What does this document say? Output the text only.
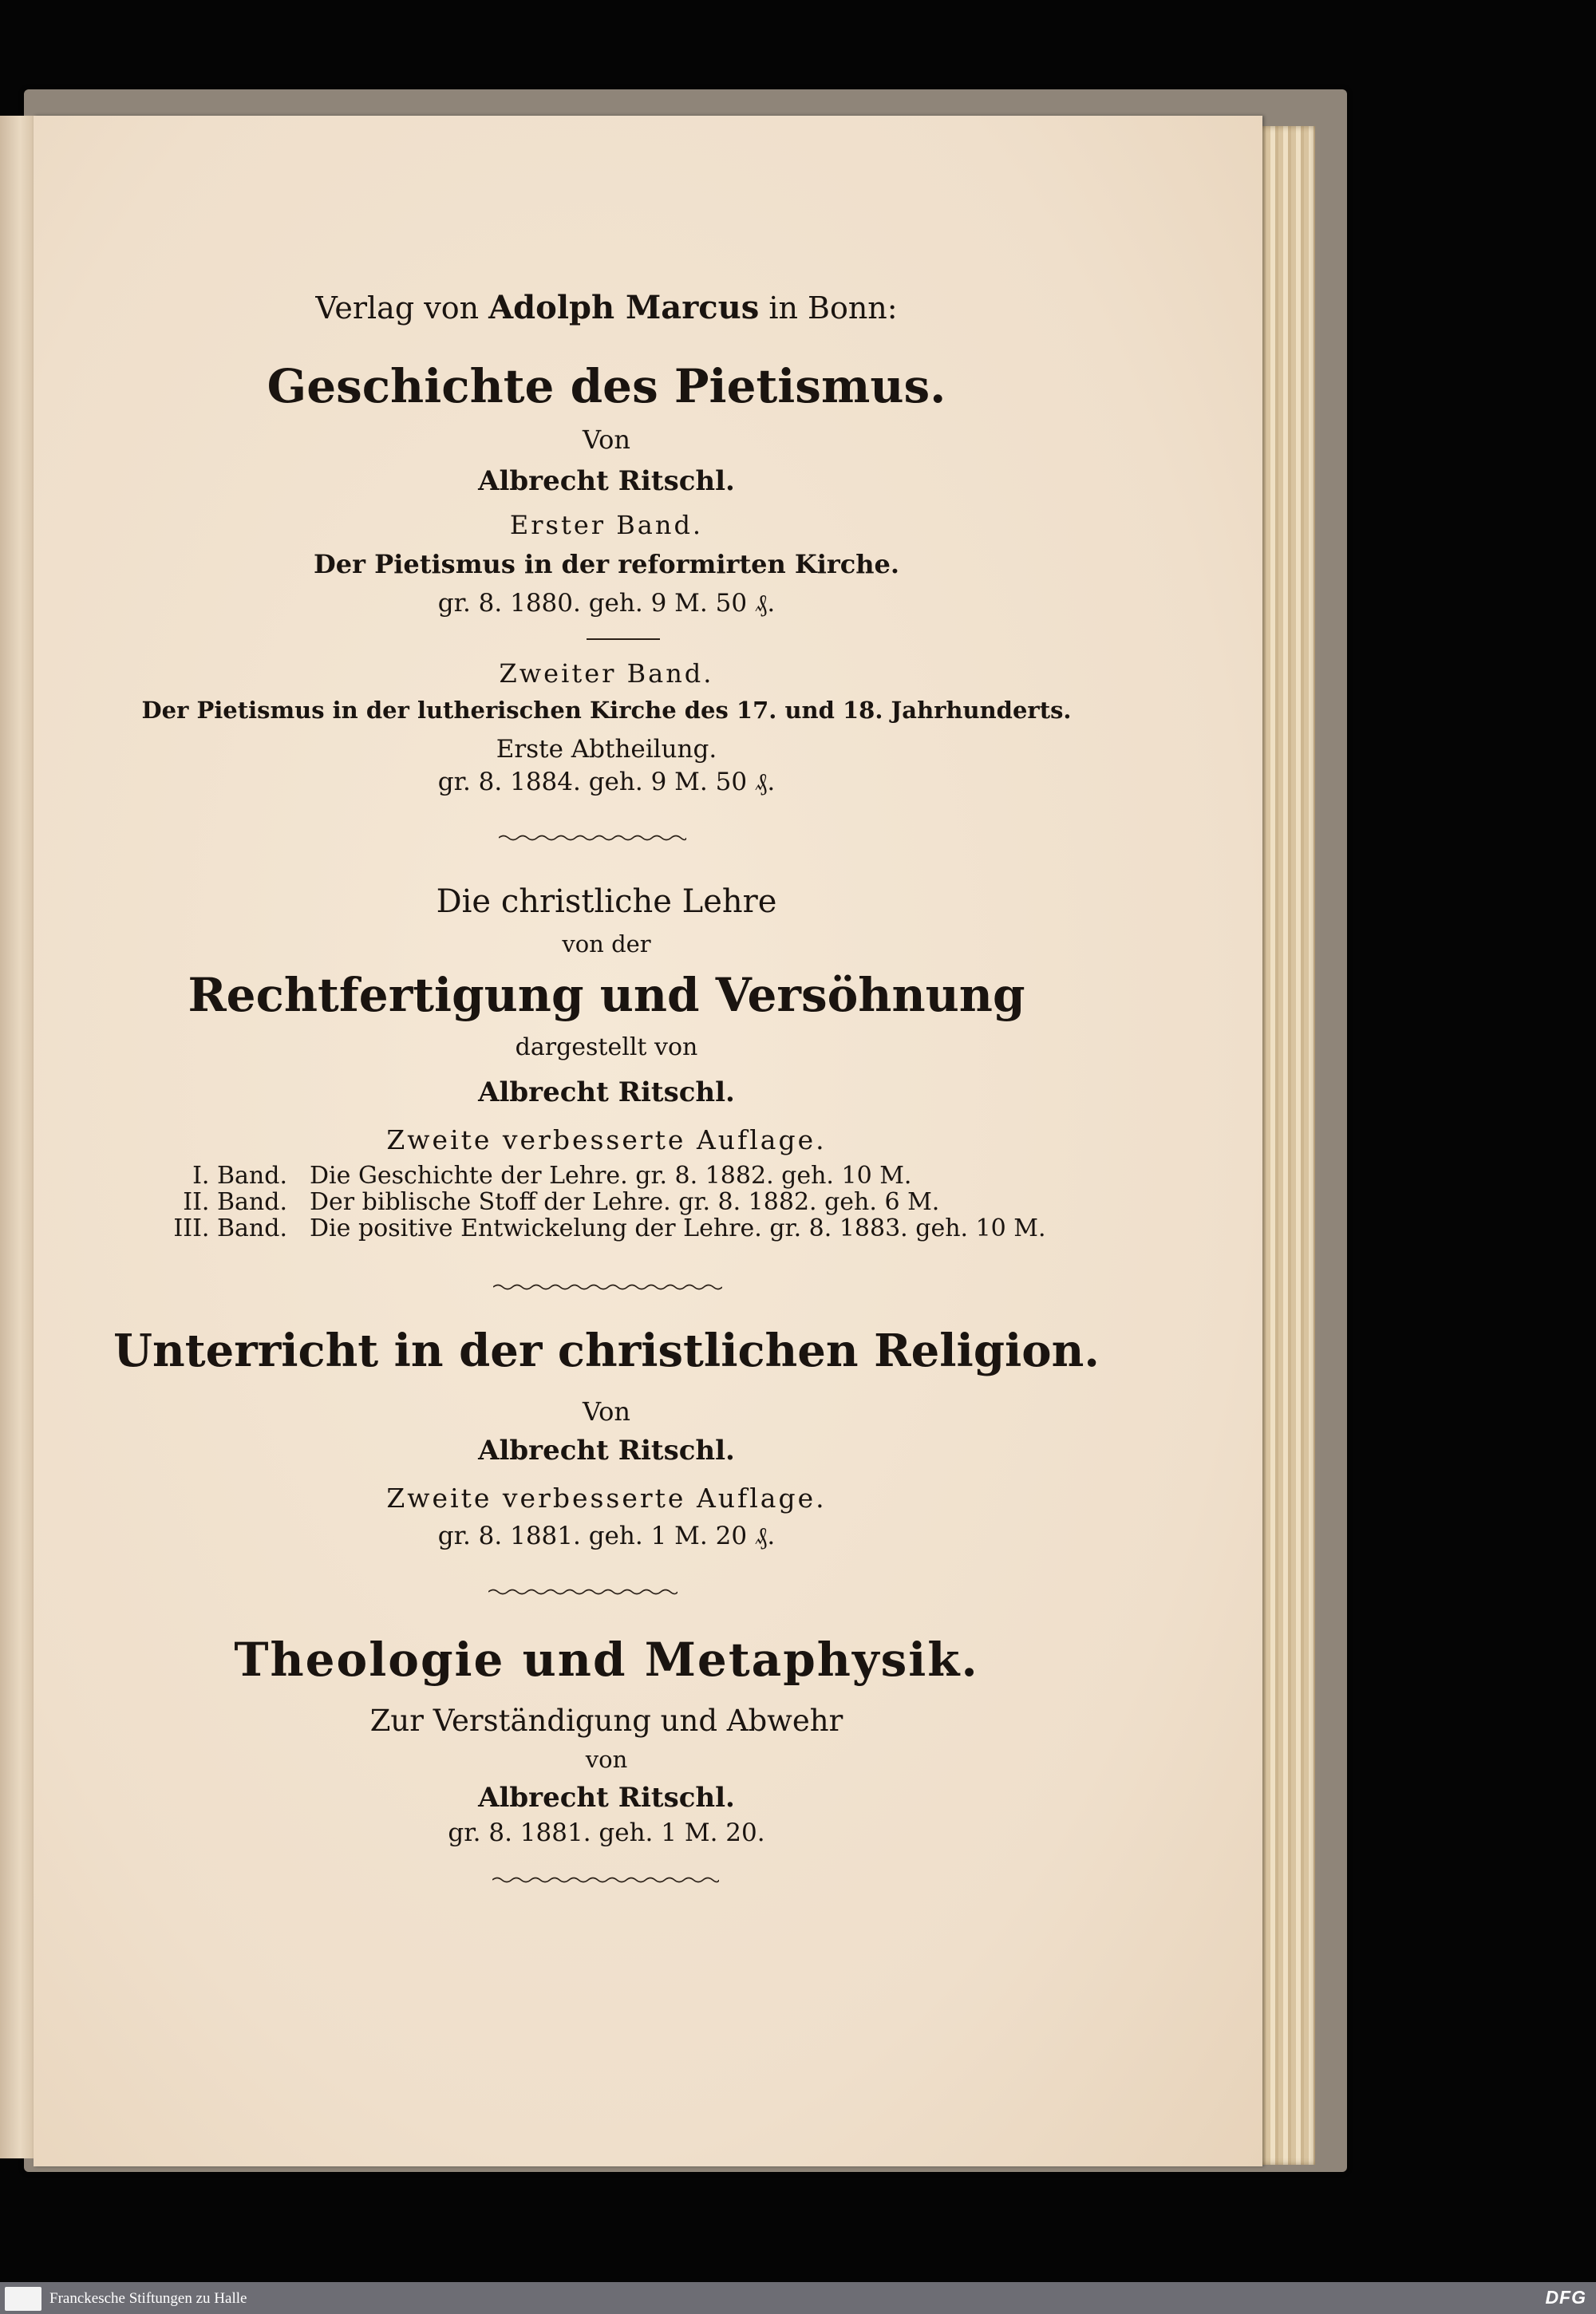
Verlag von Adolph Marcus in Bonn:
Geschichte des Pietismus.
Von
Albrecht Ritschl.
Erster Band.
Der Pietismus in der reformirten Kirche.
gr. 8. 1880. geh. 9 M. 50 ₰.
Zweiter Band.
Der Pietismus in der lutherischen Kirche des 17. und 18. Jahrhunderts.
Erste Abtheilung.
gr. 8. 1884. geh. 9 M. 50 ₰.
Die christliche Lehre
von der
Rechtfertigung und Versöhnung
dargestellt von
Albrecht Ritschl.
Zweite verbesserte Auflage.
I. Band. Die Geschichte der Lehre. gr. 8. 1882. geh. 10 M.
II. Band. Der biblische Stoff der Lehre. gr. 8. 1882. geh. 6 M.
III. Band. Die positive Entwickelung der Lehre. gr. 8. 1883. geh. 10 M.
Unterricht in der christlichen Religion.
Von
Albrecht Ritschl.
Zweite verbesserte Auflage.
gr. 8. 1881. geh. 1 M. 20 ₰.
Theologie und Metaphysik.
Zur Verständigung und Abwehr
von
Albrecht Ritschl.
gr. 8. 1881. geh. 1 M. 20.
Franckesche Stiftungen zu Halle	DFG
